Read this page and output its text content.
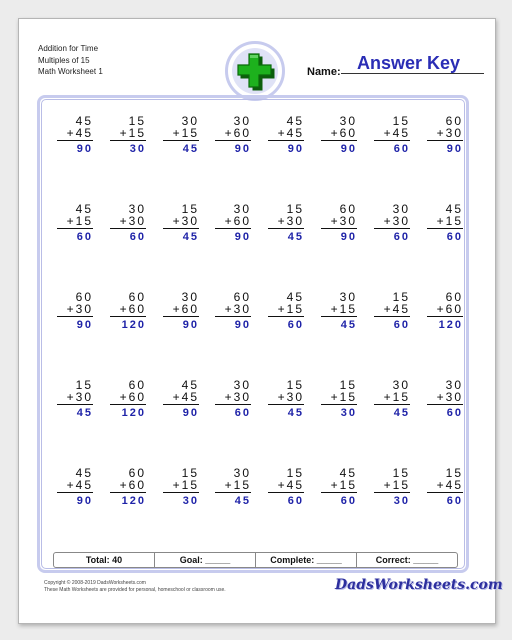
Addition for Time
Multiples of 15
Math Worksheet 1	Name: Answer Key
45
+45
90
15
+15
30
30
+15
45
30
+60
90
45
+45
90
30
+60
90
15
+45
60
60
+30
90
45
+15
60
30
+30
60
15
+30
45
30
+60
90
15
+30
45
60
+30
90
30
+30
60
45
+15
60
60
+30
90
60
+60
120
30
+60
90
60
+30
90
45
+15
60
30
+15
45
15
+45
60
60
+60
120
15
+30
45
60
+60
120
45
+45
90
30
+30
60
15
+30
45
15
+15
30
30
+15
45
30
+30
60
45
+45
90
60
+60
120
15
+15
30
30
+15
45
15
+45
60
45
+15
60
15
+15
30
15
+45
60
Total: 40	Goal: _____	Complete: _____	Correct: _____
Copyright © 2008-2019 DadsWorksheets.com
These Math Worksheets are provided for personal, homeschool or classroom use.	DadsWorksheets.com
